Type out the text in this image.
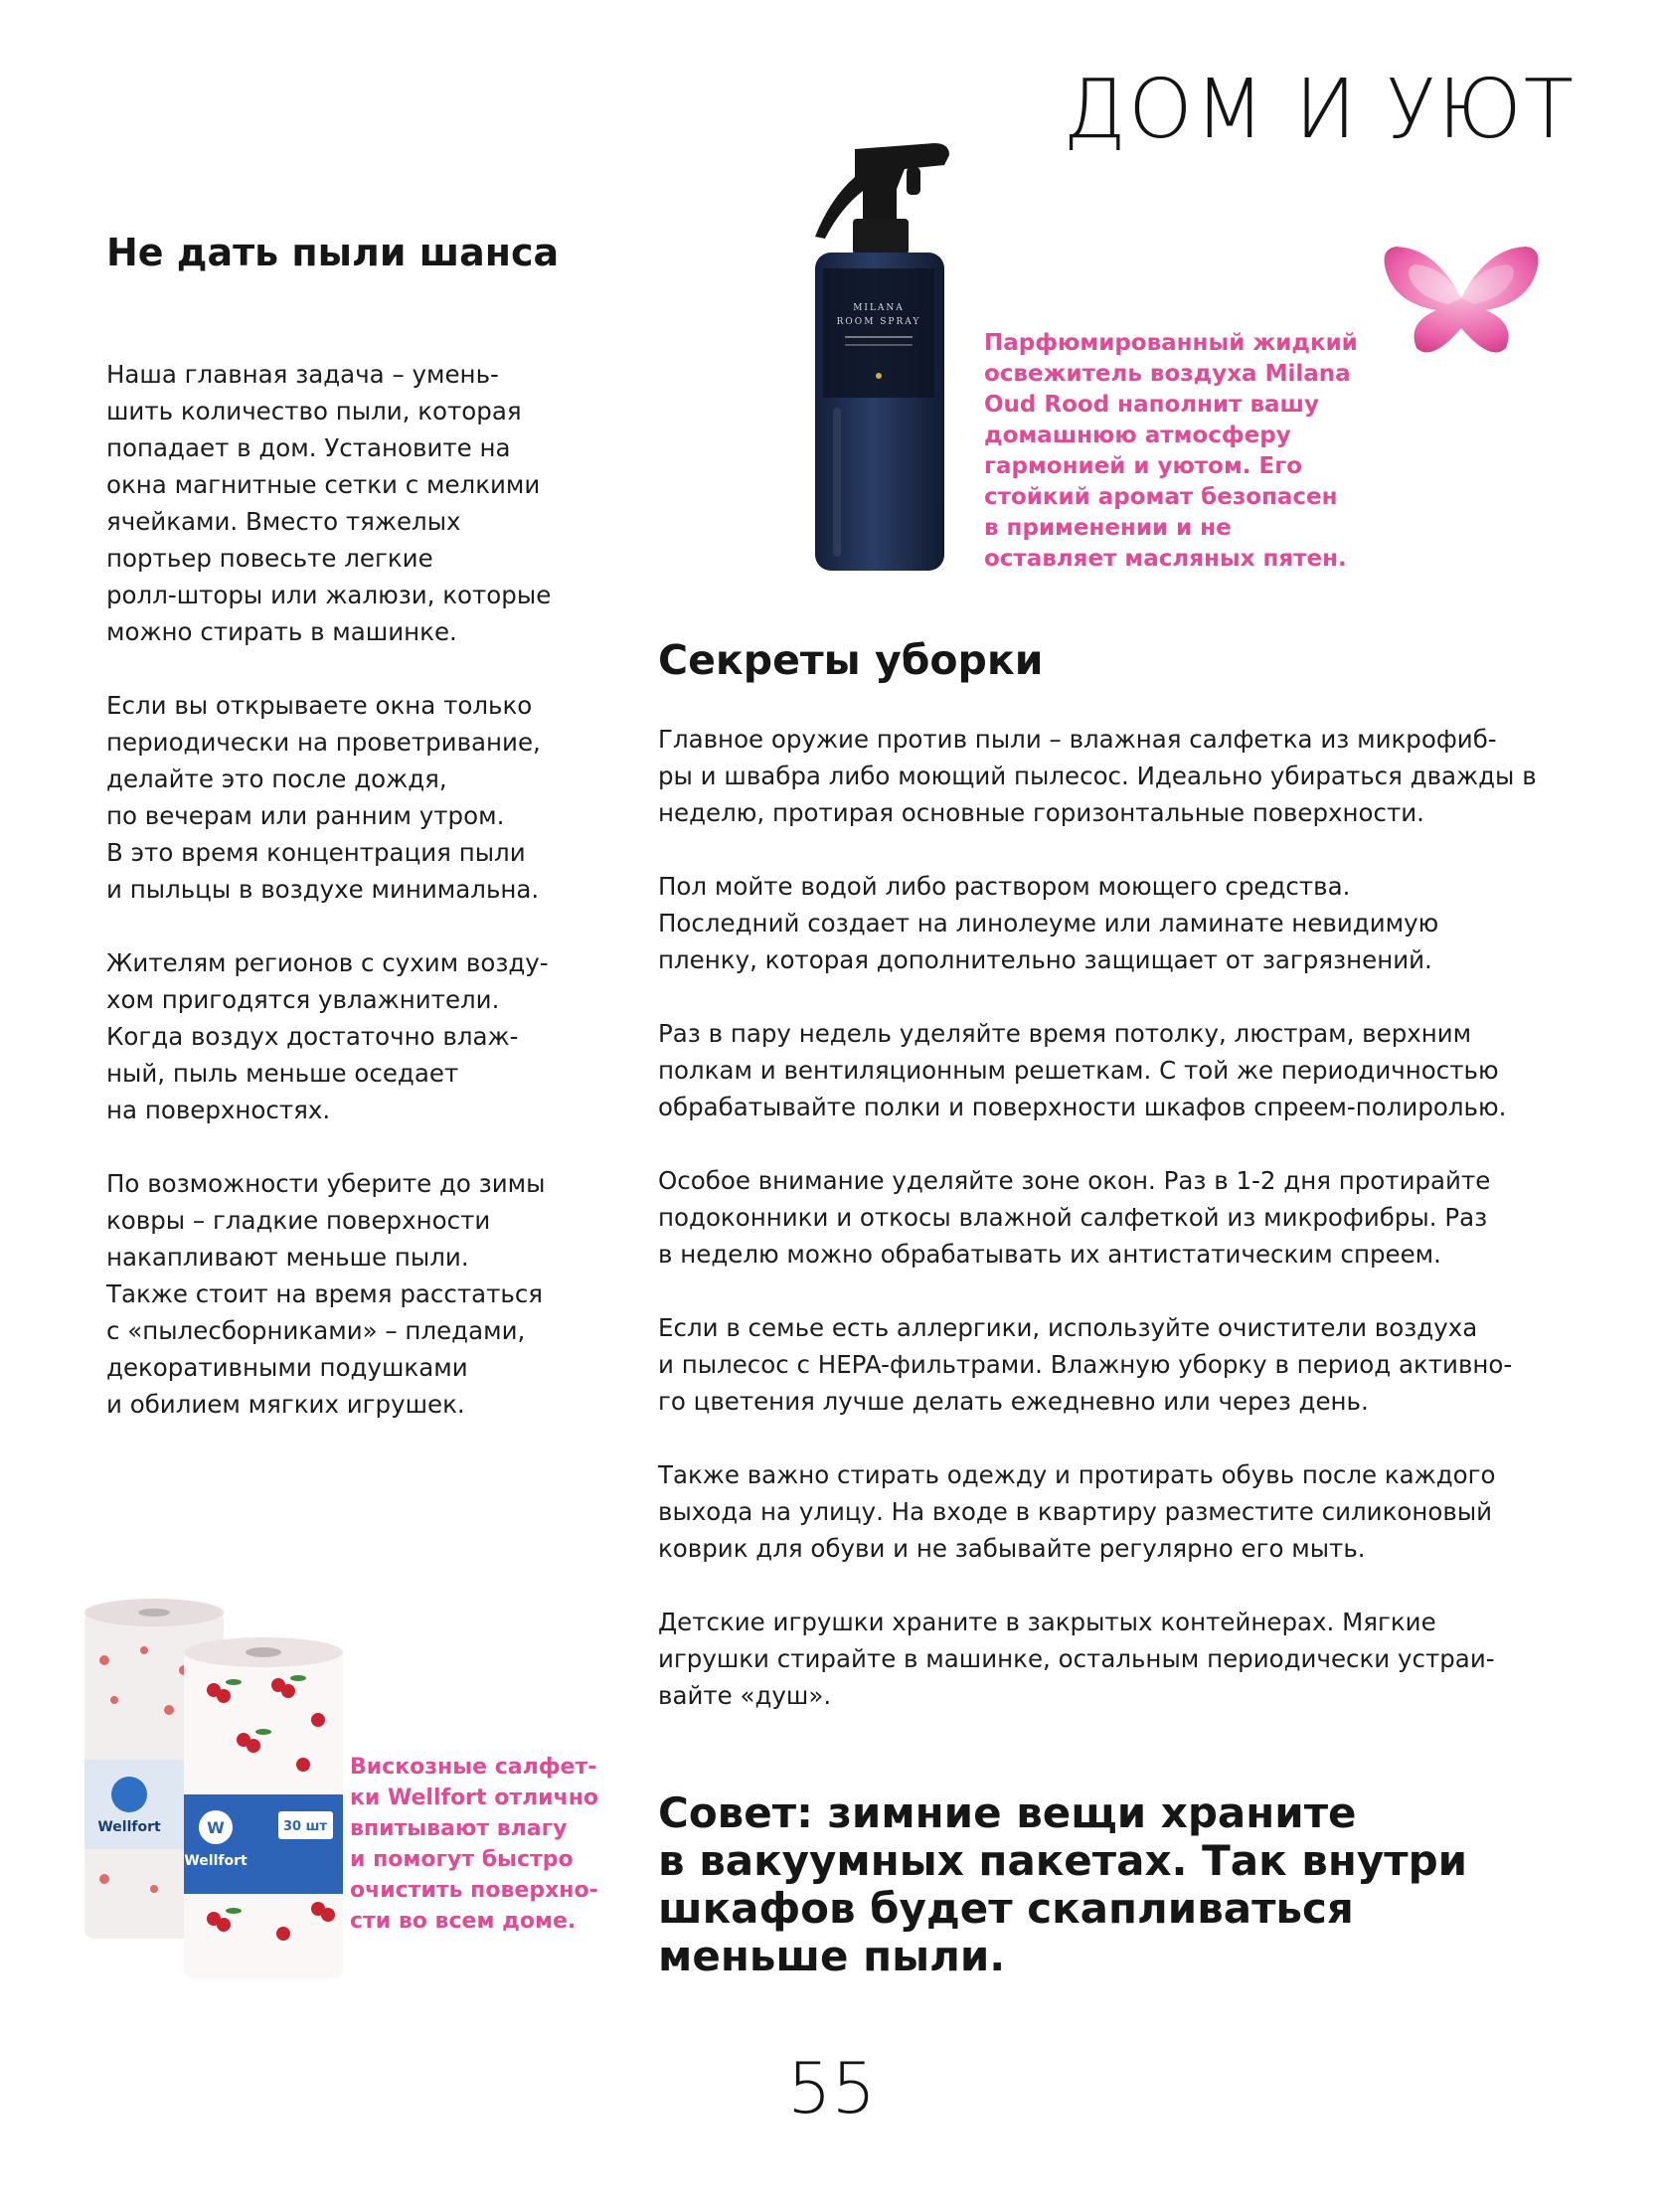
ДОМ И УЮТ
Не дать пыли шанса

Наша главная задача – умень-
шить количество пыли, которая
попадает в дом. Установите на
окна магнитные сетки с мелкими
ячейками. Вместо тяжелых
портьер повесьте легкие
ролл-шторы или жалюзи, которые
можно стирать в машинке.

Если вы открываете окна только
периодически на проветривание,
делайте это после дождя,
по вечерам или ранним утром.
В это время концентрация пыли
и пыльцы в воздухе минимальна.

Жителям регионов с сухим возду-
хом пригодятся увлажнители.
Когда воздух достаточно влаж-
ный, пыль меньше оседает
на поверхностях.

По возможности уберите до зимы
ковры – гладкие поверхности
накапливают меньше пыли.
Также стоит на время расстаться
с «пылесборниками» – пледами,
декоративными подушками
и обилием мягких игрушек.

MILANA
ROOM SPRAY
Парфюмированный жидкий
освежитель воздуха Milana
Oud Rood наполнит вашу
домашнюю атмосферу
гармонией и уютом. Его
стойкий аромат безопасен
в применении и не
оставляет масляных пятен.
Секреты уборки

Главное оружие против пыли – влажная салфетка из микрофиб-
ры и швабра либо моющий пылесос. Идеально убираться дважды в неделю, протирая основные горизонтальные поверхности.

Пол мойте водой либо раствором моющего средства.
Последний создает на линолеуме или ламинате невидимую
пленку, которая дополнительно защищает от загрязнений.

Раз в пару недель уделяйте время потолку, люстрам, верхним
полкам и вентиляционным решеткам. С той же периодичностью
обрабатывайте полки и поверхности шкафов спреем-полиролью.

Особое внимание уделяйте зоне окон. Раз в 1-2 дня протирайте
подоконники и откосы влажной салфеткой из микрофибры. Раз
в неделю можно обрабатывать их антистатическим спреем.

Если в семье есть аллергики, используйте очистители воздуха
и пылесос с HEPA-фильтрами. Влажную уборку в период активно-
го цветения лучше делать ежедневно или через день.

Также важно стирать одежду и протирать обувь после каждого
выхода на улицу. На входе в квартиру разместите силиконовый
коврик для обуви и не забывайте регулярно его мыть.

Детские игрушки храните в закрытых контейнерах. Мягкие
игрушки стирайте в машинке, остальным периодически устраи-
вайте «душ».

Wellfort	W
Wellfort
30 шт
Вискозные салфет-
ки Wellfort отлично
впитывают влагу
и помогут быстро
очистить поверхно-
сти во всем доме.
Совет: зимние вещи храните
в вакуумных пакетах. Так внутри
шкафов будет скапливаться
меньше пыли.
55
